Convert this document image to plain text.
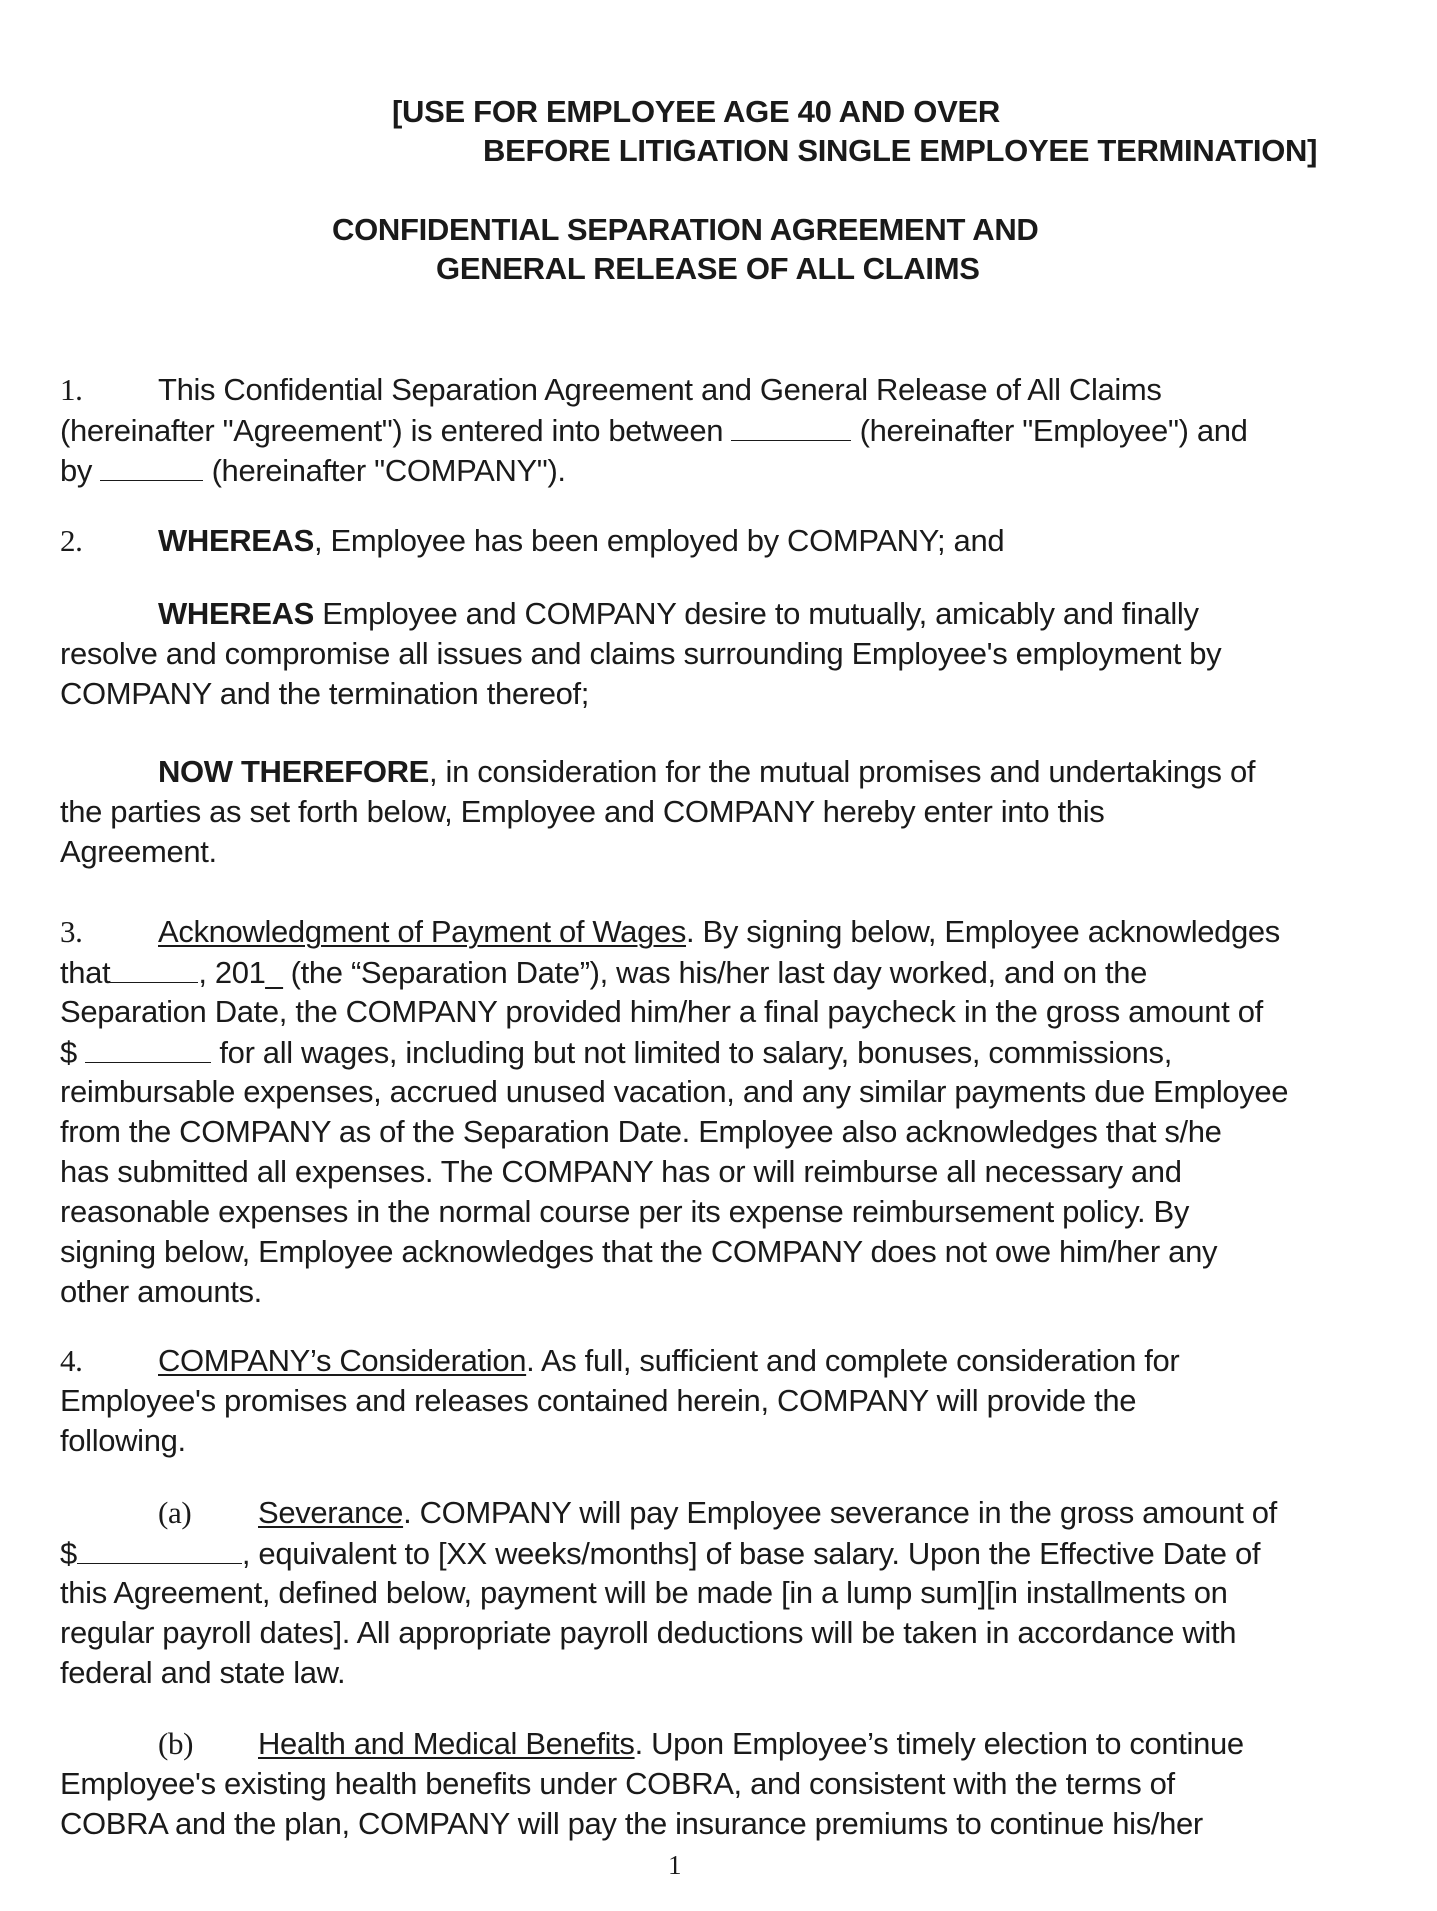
[USE FOR EMPLOYEE AGE 40 AND OVER
BEFORE LITIGATION SINGLE EMPLOYEE TERMINATION]
CONFIDENTIAL SEPARATION AGREEMENT AND
GENERAL RELEASE OF ALL CLAIMS
1. This Confidential Separation Agreement and General Release of All Claims
(hereinafter "Agreement") is entered into between	(hereinafter "Employee") and
by	(hereinafter "COMPANY").
2. WHEREAS, Employee has been employed by COMPANY; and
WHEREAS Employee and COMPANY desire to mutually, amicably and finally
resolve and compromise all issues and claims surrounding Employee's employment by
COMPANY and the termination thereof;
NOW THEREFORE, in consideration for the mutual promises and undertakings of
the parties as set forth below, Employee and COMPANY hereby enter into this
Agreement.
3. Acknowledgment of Payment of Wages. By signing below, Employee acknowledges
that	, 201_ (the “Separation Date”), was his/her last day worked, and on the
Separation Date, the COMPANY provided him/her a final paycheck in the gross amount of
$	for all wages, including but not limited to salary, bonuses, commissions,
reimbursable expenses, accrued unused vacation, and any similar payments due Employee
from the COMPANY as of the Separation Date. Employee also acknowledges that s/he
has submitted all expenses. The COMPANY has or will reimburse all necessary and
reasonable expenses in the normal course per its expense reimbursement policy. By
signing below, Employee acknowledges that the COMPANY does not owe him/her any
other amounts.
4. COMPANY’s Consideration. As full, sufficient and complete consideration for
Employee's promises and releases contained herein, COMPANY will provide the
following.
(a) Severance. COMPANY will pay Employee severance in the gross amount of
$	, equivalent to [XX weeks/months] of base salary. Upon the Effective Date of
this Agreement, defined below, payment will be made [in a lump sum][in installments on
regular payroll dates]. All appropriate payroll deductions will be taken in accordance with
federal and state law.
(b) Health and Medical Benefits. Upon Employee’s timely election to continue
Employee's existing health benefits under COBRA, and consistent with the terms of
COBRA and the plan, COMPANY will pay the insurance premiums to continue his/her
1
